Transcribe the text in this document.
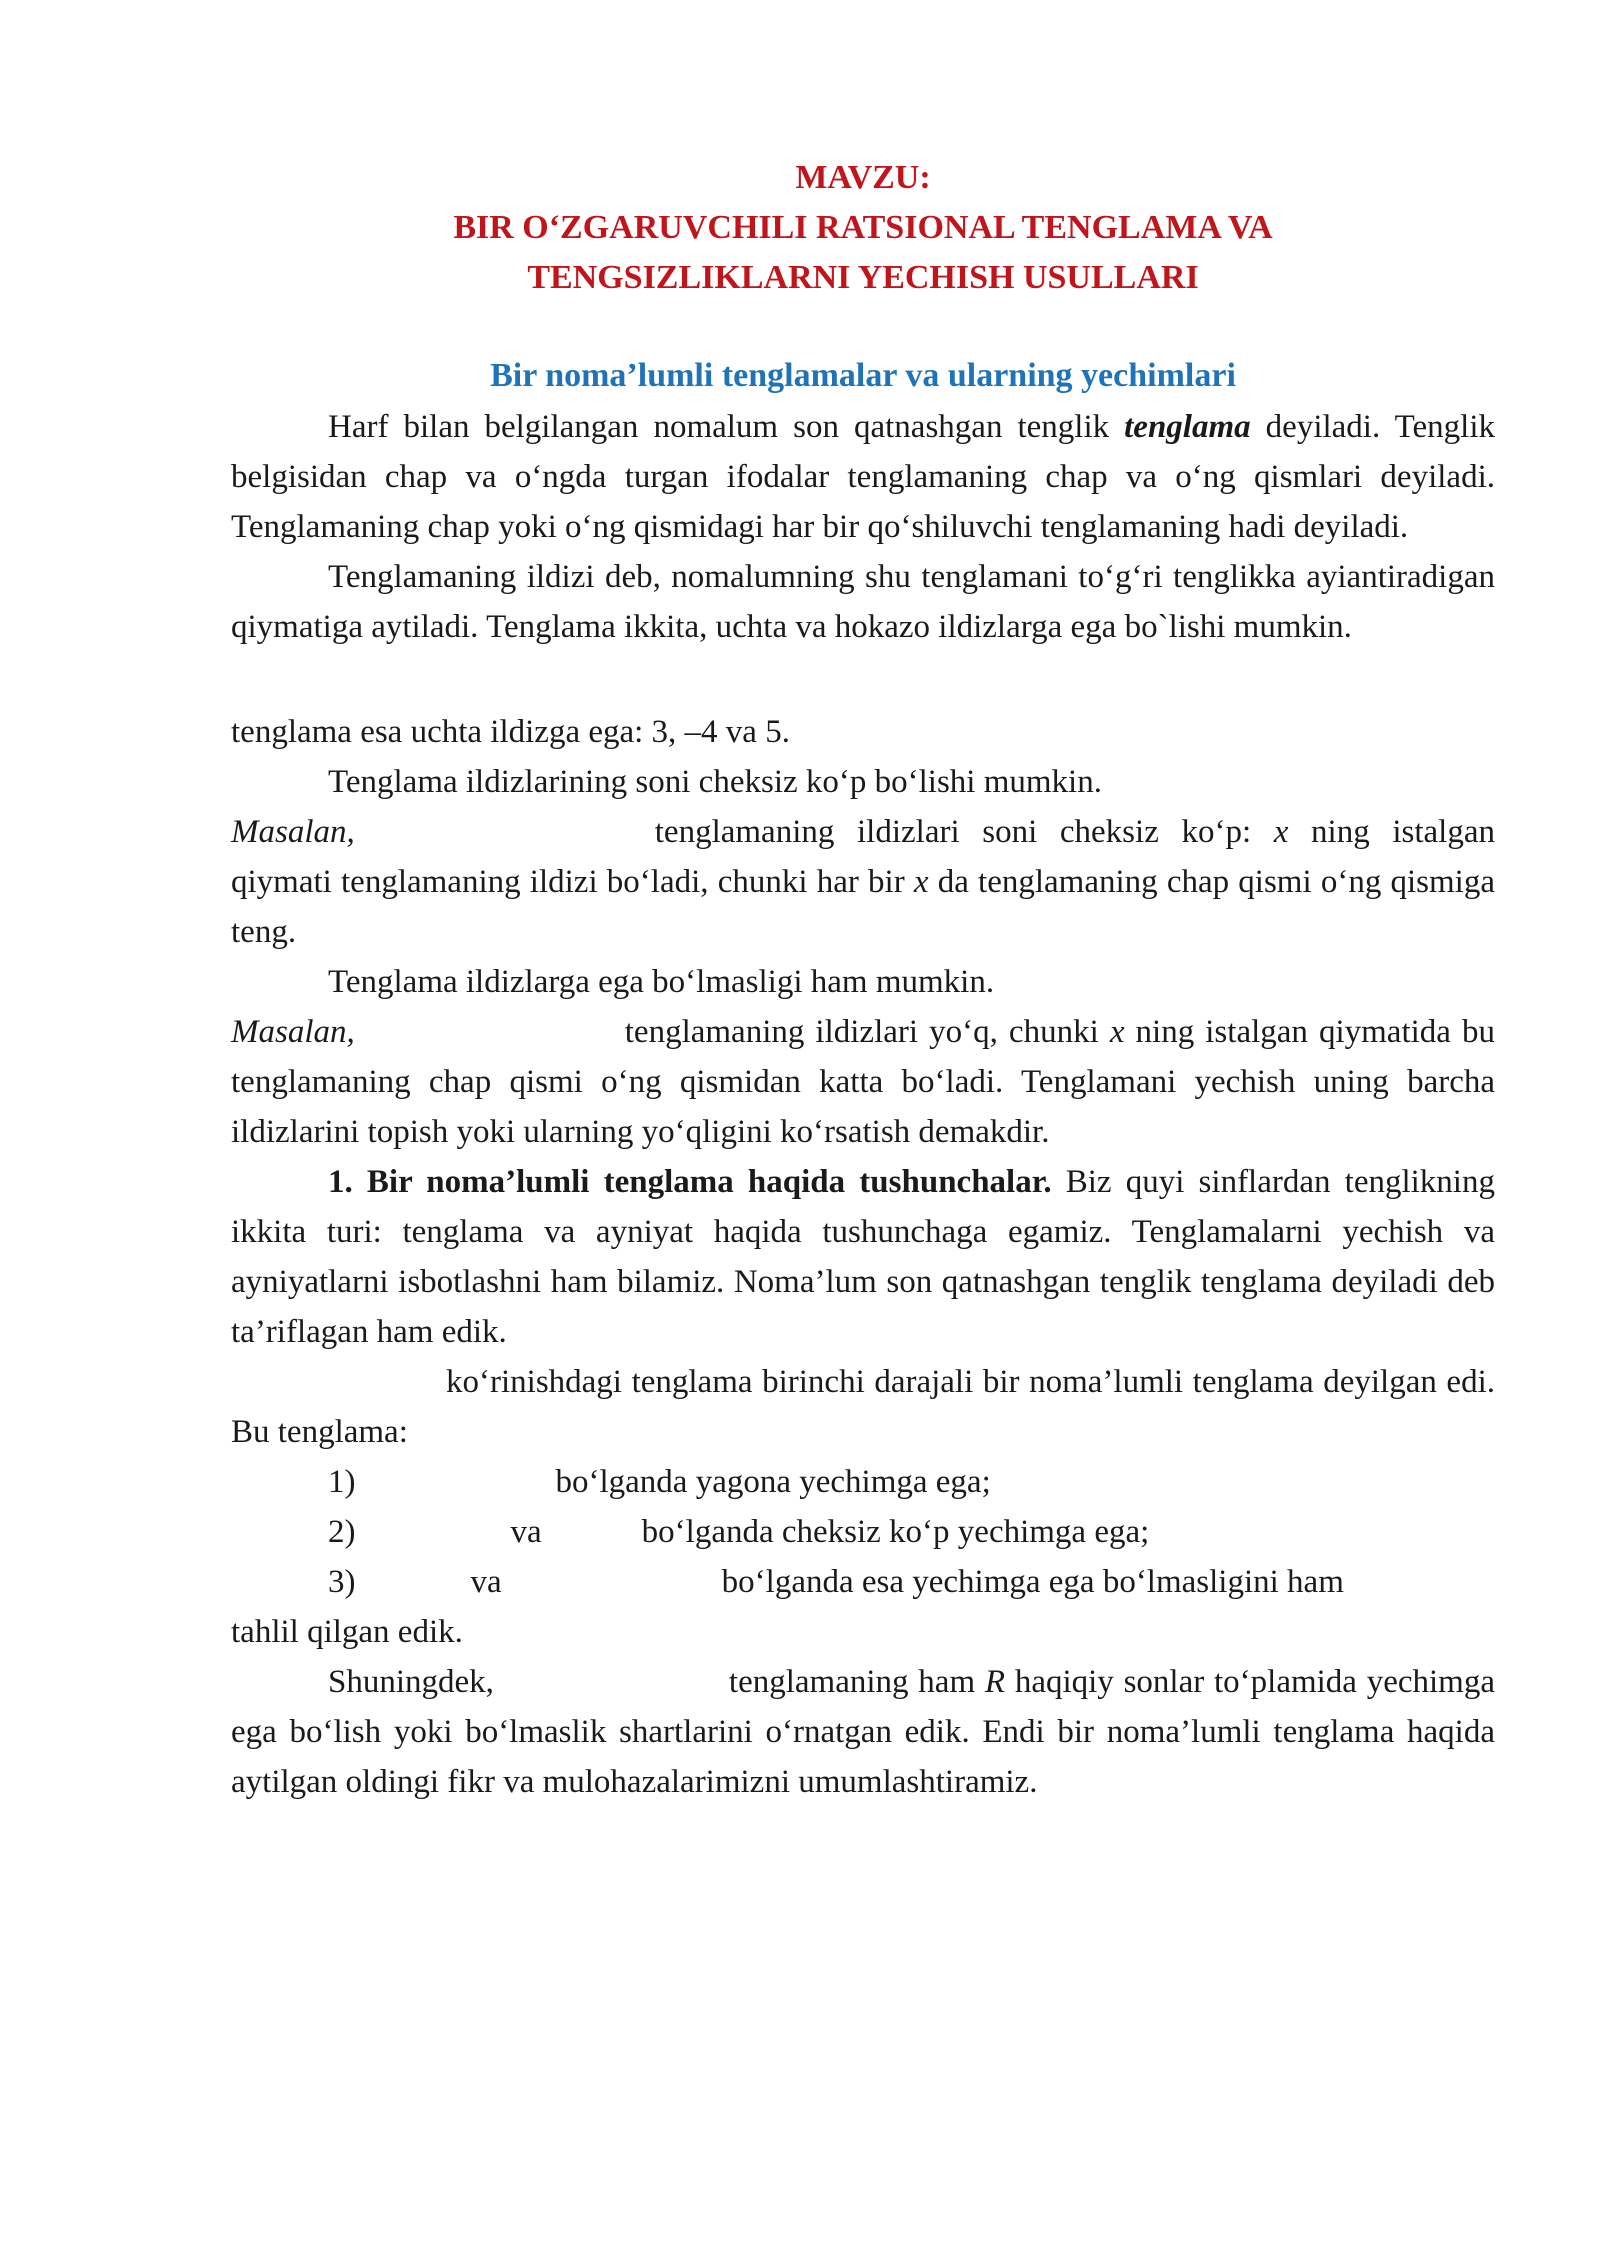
MAVZU:

BIR O‘ZGARUVCHILI RATSIONAL TENGLAMA VA

TENGSIZLIKLARNI YECHISH USULLARI

Bir noma’lumli tenglamalar va ularning yechimlari

Harf bilan belgilangan nomalum son qatnashgan tenglik tenglama deyiladi. Tenglik belgisidan chap va o‘ngda turgan ifodalar tenglamaning chap va o‘ng qismlari deyiladi. Tenglamaning chap yoki o‘ng qismidagi har bir qo‘shiluvchi tenglamaning hadi deyiladi.

Tenglamaning ildizi deb, nomalumning shu tenglamani to‘g‘ri tenglikka ayiantiradigan qiymatiga aytiladi. Tenglama ikkita, uchta va hokazo ildizlarga ega bo`lishi mumkin.

tenglama esa uchta ildizga ega: 3, –4 va 5.

Tenglama ildizlarining soni cheksiz ko‘p bo‘lishi mumkin.

Masalan,	tenglamaning ildizlari soni cheksiz ko‘p: x ning istalgan qiymati tenglamaning ildizi bo‘ladi, chunki har bir x da tenglamaning chap qismi o‘ng qismiga teng.

Tenglama ildizlarga ega bo‘lmasligi ham mumkin.

Masalan,	tenglamaning ildizlari yo‘q, chunki x ning istalgan qiymatida bu tenglamaning chap qismi o‘ng qismidan katta bo‘ladi. Tenglamani yechish uning barcha ildizlarini topish yoki ularning yo‘qligini ko‘rsatish demakdir.

1. Bir noma’lumli tenglama haqida tushunchalar. Biz quyi sinflardan tenglikning ikkita turi: tenglama va ayniyat haqida tushunchaga egamiz. Tenglamalarni yechish va ayniyatlarni isbotlashni ham bilamiz. Noma’lum son qatnashgan tenglik tenglama deyiladi deb ta’riflagan ham edik.

ko‘rinishdagi tenglama birinchi darajali bir noma’lumli tenglama deyilgan edi. Bu tenglama:

1)	bo‘lganda yagona yechimga ega;

2)	va	bo‘lganda cheksiz ko‘p yechimga ega;

3)	va	bo‘lganda esa yechimga ega bo‘lmasligini ham

tahlil qilgan edik.

Shuningdek,	tenglamaning ham R haqiqiy sonlar to‘plamida yechimga ega bo‘lish yoki bo‘lmaslik shartlarini o‘rnatgan edik. Endi bir noma’lumli tenglama haqida aytilgan oldingi fikr va mulohazalarimizni umumlashtiramiz.
